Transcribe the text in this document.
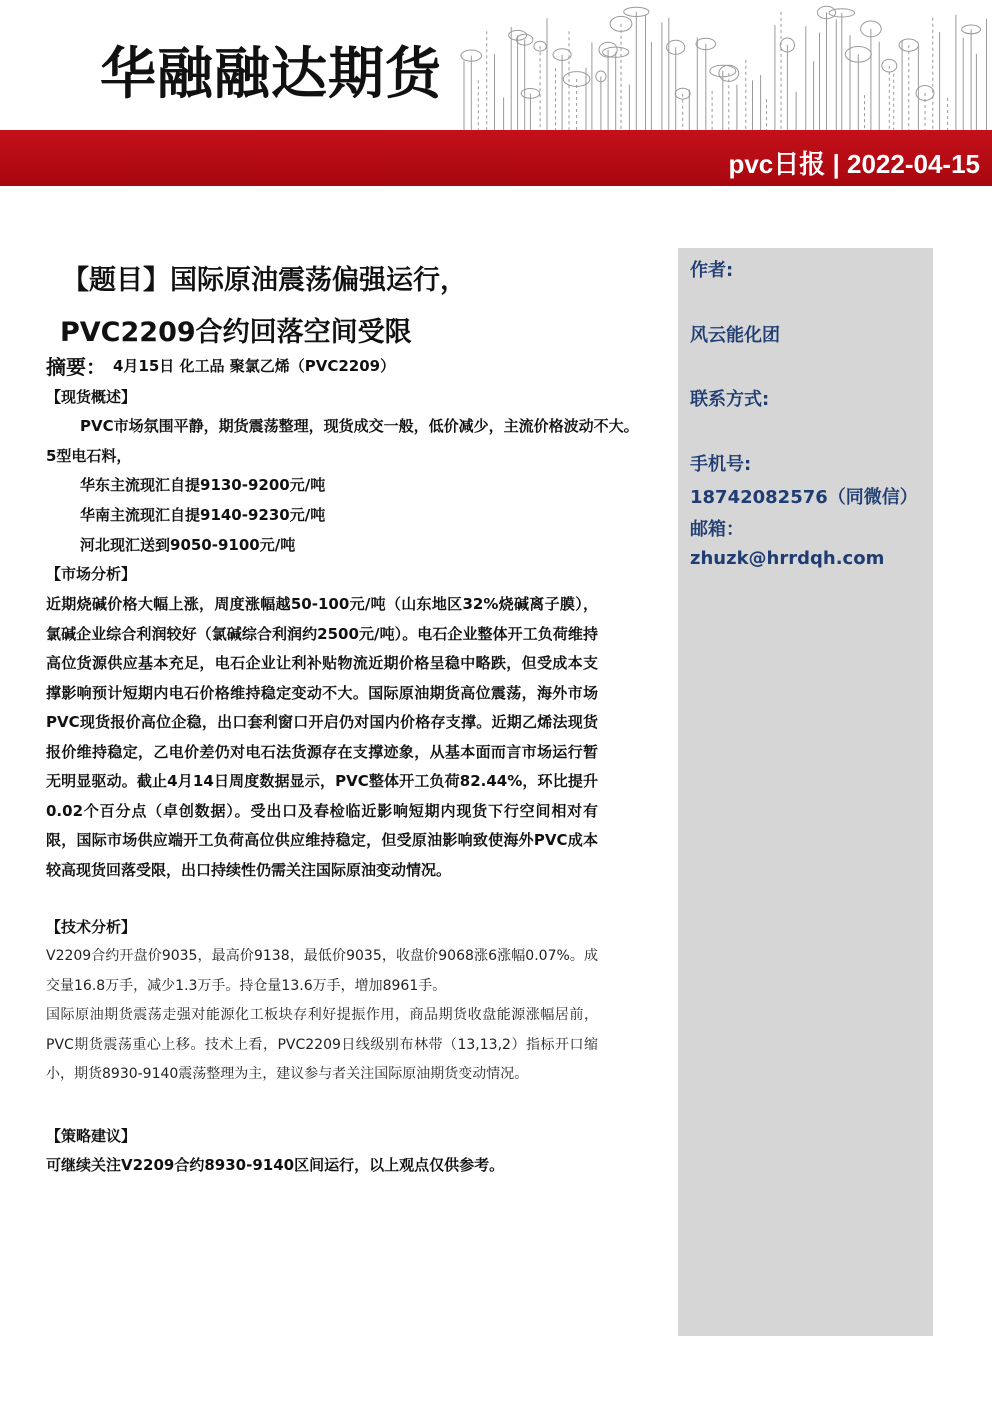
华融融达期货
pvc日报 | 2022-04-15
作者:
风云能化团
联系方式:
手机号:
18742082576（同微信）
邮箱：
zhuzk@hrrdqh.com
【题目】国际原油震荡偏强运行，
PVC2209合约回落空间受限
摘要： 4月15日 化工品 聚氯乙烯（PVC2209）
【现货概述】
PVC市场氛围平静，期货震荡整理，现货成交一般，低价减少，主流价格波动不大。
5型电石料，
华东主流现汇自提9130-9200元/吨
华南主流现汇自提9140-9230元/吨
河北现汇送到9050-9100元/吨
【市场分析】
近期烧碱价格大幅上涨，周度涨幅越50-100元/吨（山东地区32%烧碱离子膜），氯碱企业综合利润较好（氯碱综合利润约2500元/吨）。电石企业整体开工负荷维持高位货源供应基本充足，电石企业让利补贴物流近期价格呈稳中略跌，但受成本支撑影响预计短期内电石价格维持稳定变动不大。国际原油期货高位震荡，海外市场PVC现货报价高位企稳，出口套利窗口开启仍对国内价格存支撑。近期乙烯法现货报价维持稳定，乙电价差仍对电石法货源存在支撑迹象，从基本面而言市场运行暂无明显驱动。截止4月14日周度数据显示，PVC整体开工负荷82.44%，环比提升0.02个百分点（卓创数据）。受出口及春检临近影响短期内现货下行空间相对有限，国际市场供应端开工负荷高位供应维持稳定，但受原油影响致使海外PVC成本较高现货回落受限，出口持续性仍需关注国际原油变动情况。
【技术分析】
V2209合约开盘价9035，最高价9138，最低价9035，收盘价9068涨6涨幅0.07%。成交量16.8万手，减少1.3万手。持仓量13.6万手，增加8961手。
国际原油期货震荡走强对能源化工板块存利好提振作用，商品期货收盘能源涨幅居前，PVC期货震荡重心上移。技术上看，PVC2209日线级别布林带（13,13,2）指标开口缩小，期货8930-9140震荡整理为主，建议参与者关注国际原油期货变动情况。
【策略建议】
可继续关注V2209合约8930-9140区间运行，以上观点仅供参考。
